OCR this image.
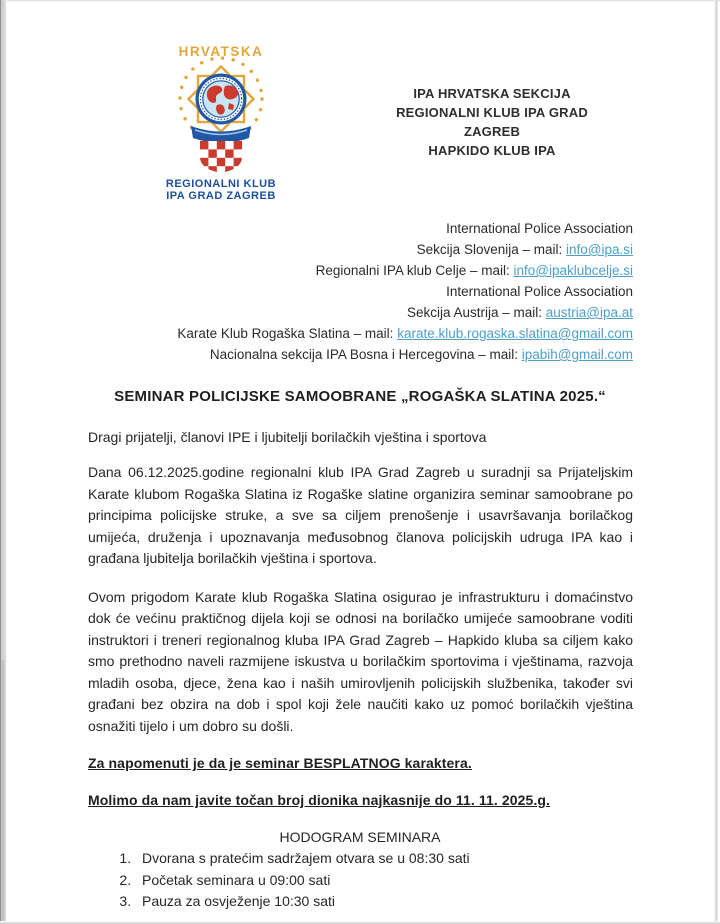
HRVATSKA
REGIONALNI KLUB
IPA GRAD ZAGREB
IPA HRVATSKA SEKCIJA
REGIONALNI KLUB IPA GRAD
ZAGREB
HAPKIDO KLUB IPA
International Police Association
Sekcija Slovenija – mail: info@ipa.si
Regionalni IPA klub Celje – mail: info@ipaklubcelje.si
International Police Association
Sekcija Austrija – mail: austria@ipa.at
Karate Klub Rogaška Slatina – mail: karate.klub.rogaska.slatina@gmail.com
Nacionalna sekcija IPA Bosna i Hercegovina – mail: ipabih@gmail.com
SEMINAR POLICIJSKE SAMOOBRANE „ROGAŠKA SLATINA 2025.“
Dragi prijatelji, članovi IPE i ljubitelji borilačkih vještina i sportova
Dana 06.12.2025.godine regionalni klub IPA Grad Zagreb u suradnji sa Prijateljskim Karate klubom Rogaška Slatina iz Rogaške slatine organizira seminar samoobrane po principima policijske struke, a sve sa ciljem prenošenje i usavršavanja borilačkog umijeća, druženja i upoznavanja međusobnog članova policijskih udruga IPA kao i građana ljubitelja borilačkih vještina i sportova.
Ovom prigodom Karate klub Rogaška Slatina osigurao je infrastrukturu i domaćinstvo dok će većinu praktičnog dijela koji se odnosi na borilačko umijeće samoobrane voditi instruktori i treneri regionalnog kluba IPA Grad Zagreb – Hapkido kluba sa ciljem kako smo prethodno naveli razmijene iskustva u borilačkim sportovima i vještinama, razvoja mladih osoba, djece, žena kao i naših umirovljenih policijskih službenika, također svi građani bez obzira na dob i spol koji žele naučiti kako uz pomoć borilačkih vještina osnažiti tijelo i um dobro su došli.
Za napomenuti je da je seminar BESPLATNOG karaktera.
Molimo da nam javite točan broj dionika najkasnije do 11. 11. 2025.g.
HODOGRAM SEMINARA
1. Dvorana s pratećim sadržajem otvara se u 08:30 sati
2. Početak seminara u 09:00 sati
3. Pauza za osvježenje 10:30 sati
